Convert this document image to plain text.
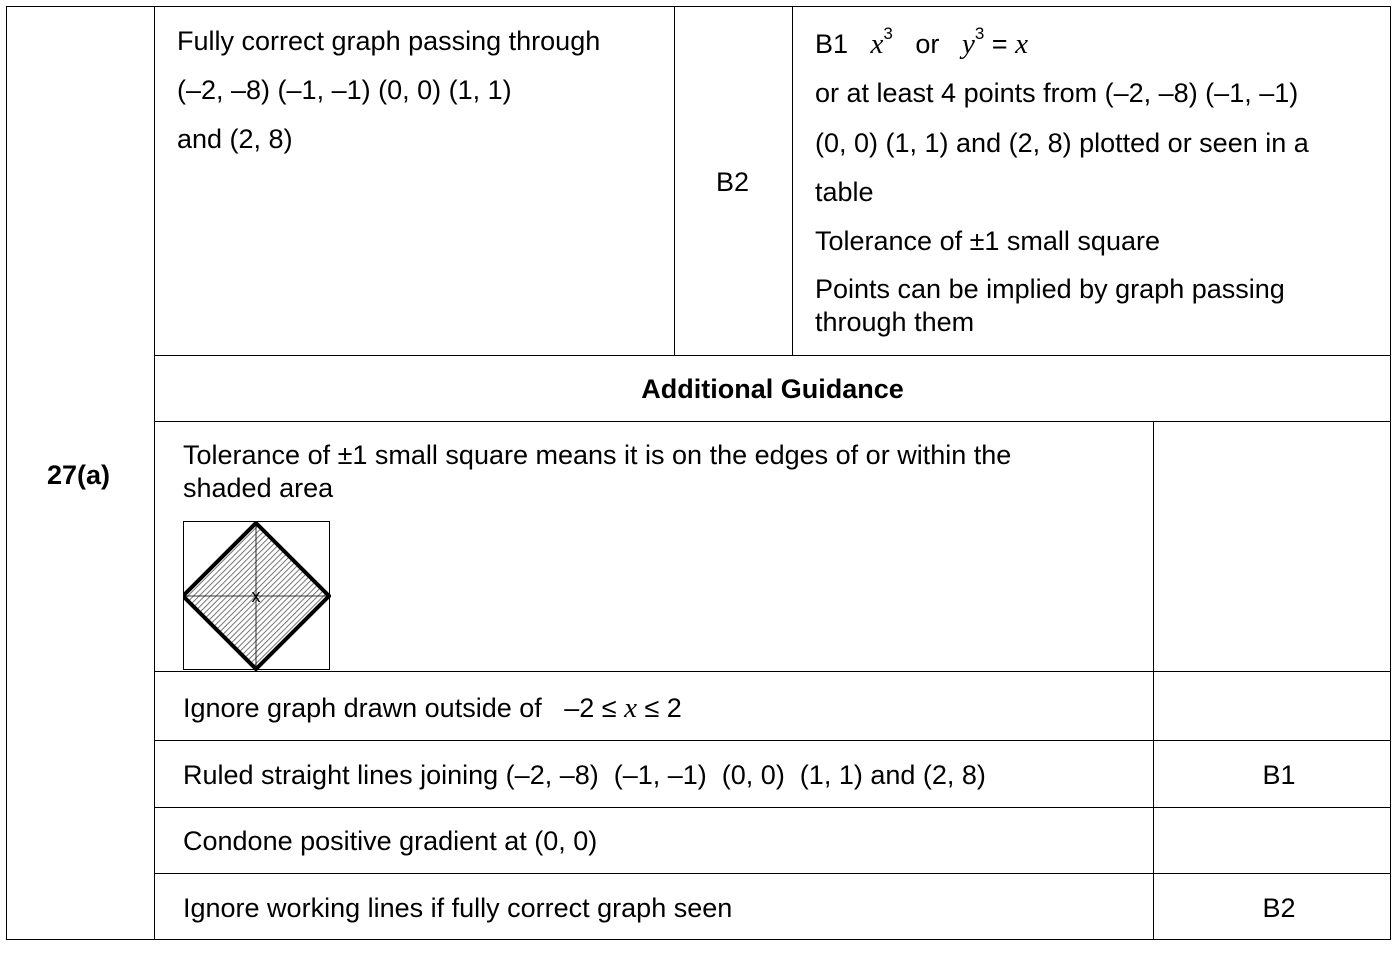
27(a)
Fully correct graph passing through
(–2, –8) (–1, –1) (0, 0) (1, 1)
and (2, 8)
B2
B1 $x^3$ or $y^3 = x$
or at least 4 points from (–2, –8) (–1, –1)
(0, 0) (1, 1) and (2, 8) plotted or seen in a
table
Tolerance of ±1 small square
Points can be implied by graph passing through them
Additional Guidance
Tolerance of ±1 small square means it is on the edges of or within the shaded area
x
Ignore graph drawn outside of   –2 ≤ x ≤ 2
Ruled straight lines joining (–2, –8)  (–1, –1)  (0, 0)  (1, 1) and (2, 8)	B1
Condone positive gradient at (0, 0)
Ignore working lines if fully correct graph seen	B2
